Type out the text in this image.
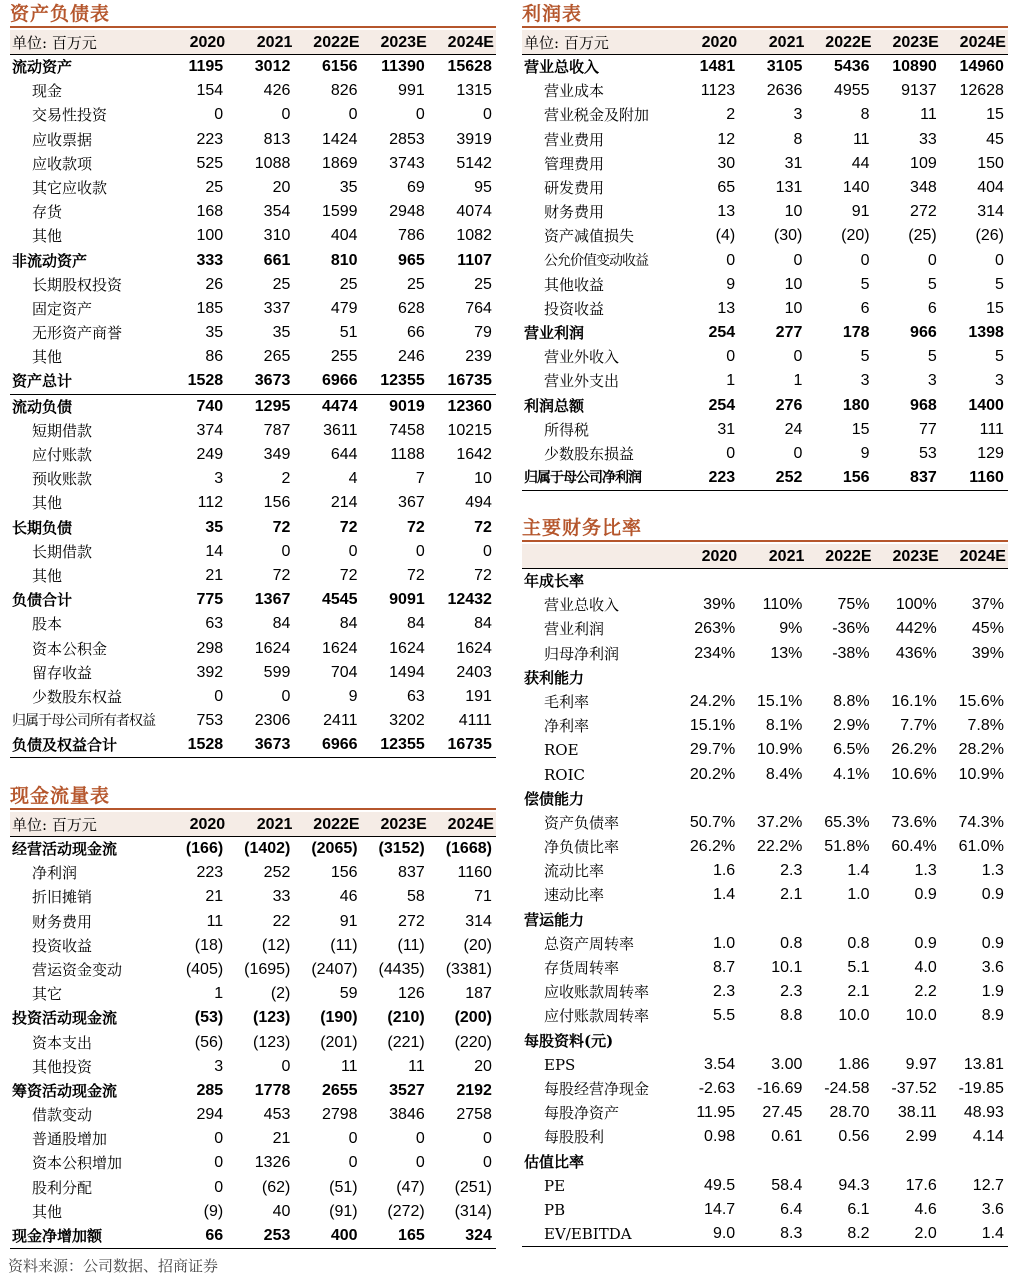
资产负债表
单位: 百万元	2020	2021	2022E	2023E	2024E
流动资产	1195	3012	6156	11390	15628
现金	154	426	826	991	1315
交易性投资	0	0	0	0	0
应收票据	223	813	1424	2853	3919
应收款项	525	1088	1869	3743	5142
其它应收款	25	20	35	69	95
存货	168	354	1599	2948	4074
其他	100	310	404	786	1082
非流动资产	333	661	810	965	1107
长期股权投资	26	25	25	25	25
固定资产	185	337	479	628	764
无形资产商誉	35	35	51	66	79
其他	86	265	255	246	239
资产总计	1528	3673	6966	12355	16735
流动负债	740	1295	4474	9019	12360
短期借款	374	787	3611	7458	10215
应付账款	249	349	644	1188	1642
预收账款	3	2	4	7	10
其他	112	156	214	367	494
长期负债	35	72	72	72	72
长期借款	14	0	0	0	0
其他	21	72	72	72	72
负债合计	775	1367	4545	9091	12432
股本	63	84	84	84	84
资本公积金	298	1624	1624	1624	1624
留存收益	392	599	704	1494	2403
少数股东权益	0	0	9	63	191
归属于母公司所有者权益	753	2306	2411	3202	4111
负债及权益合计	1528	3673	6966	12355	16735
现金流量表
单位: 百万元	2020	2021	2022E	2023E	2024E
经营活动现金流	(166)	(1402)	(2065)	(3152)	(1668)
净利润	223	252	156	837	1160
折旧摊销	21	33	46	58	71
财务费用	11	22	91	272	314
投资收益	(18)	(12)	(11)	(11)	(20)
营运资金变动	(405)	(1695)	(2407)	(4435)	(3381)
其它	1	(2)	59	126	187
投资活动现金流	(53)	(123)	(190)	(210)	(200)
资本支出	(56)	(123)	(201)	(221)	(220)
其他投资	3	0	11	11	20
筹资活动现金流	285	1778	2655	3527	2192
借款变动	294	453	2798	3846	2758
普通股增加	0	21	0	0	0
资本公积增加	0	1326	0	0	0
股利分配	0	(62)	(51)	(47)	(251)
其他	(9)	40	(91)	(272)	(314)
现金净增加额	66	253	400	165	324
利润表
单位: 百万元	2020	2021	2022E	2023E	2024E
营业总收入	1481	3105	5436	10890	14960
营业成本	1123	2636	4955	9137	12628
营业税金及附加	2	3	8	11	15
营业费用	12	8	11	33	45
管理费用	30	31	44	109	150
研发费用	65	131	140	348	404
财务费用	13	10	91	272	314
资产减值损失	(4)	(30)	(20)	(25)	(26)
公允价值变动收益	0	0	0	0	0
其他收益	9	10	5	5	5
投资收益	13	10	6	6	15
营业利润	254	277	178	966	1398
营业外收入	0	0	5	5	5
营业外支出	1	1	3	3	3
利润总额	254	276	180	968	1400
所得税	31	24	15	77	111
少数股东损益	0	0	9	53	129
归属于母公司净利润	223	252	156	837	1160
主要财务比率
2020	2021	2022E	2023E	2024E
年成长率
营业总收入	39%	110%	75%	100%	37%
营业利润	263%	9%	-36%	442%	45%
归母净利润	234%	13%	-38%	436%	39%
获利能力
毛利率	24.2%	15.1%	8.8%	16.1%	15.6%
净利率	15.1%	8.1%	2.9%	7.7%	7.8%
ROE	29.7%	10.9%	6.5%	26.2%	28.2%
ROIC	20.2%	8.4%	4.1%	10.6%	10.9%
偿债能力
资产负债率	50.7%	37.2%	65.3%	73.6%	74.3%
净负债比率	26.2%	22.2%	51.8%	60.4%	61.0%
流动比率	1.6	2.3	1.4	1.3	1.3
速动比率	1.4	2.1	1.0	0.9	0.9
营运能力
总资产周转率	1.0	0.8	0.8	0.9	0.9
存货周转率	8.7	10.1	5.1	4.0	3.6
应收账款周转率	2.3	2.3	2.1	2.2	1.9
应付账款周转率	5.5	8.8	10.0	10.0	8.9
每股资料(元)
EPS	3.54	3.00	1.86	9.97	13.81
每股经营净现金	-2.63	-16.69	-24.58	-37.52	-19.85
每股净资产	11.95	27.45	28.70	38.11	48.93
每股股利	0.98	0.61	0.56	2.99	4.14
估值比率
PE	49.5	58.4	94.3	17.6	12.7
PB	14.7	6.4	6.1	4.6	3.6
EV/EBITDA	9.0	8.3	8.2	2.0	1.4
资料来源：公司数据、招商证券
